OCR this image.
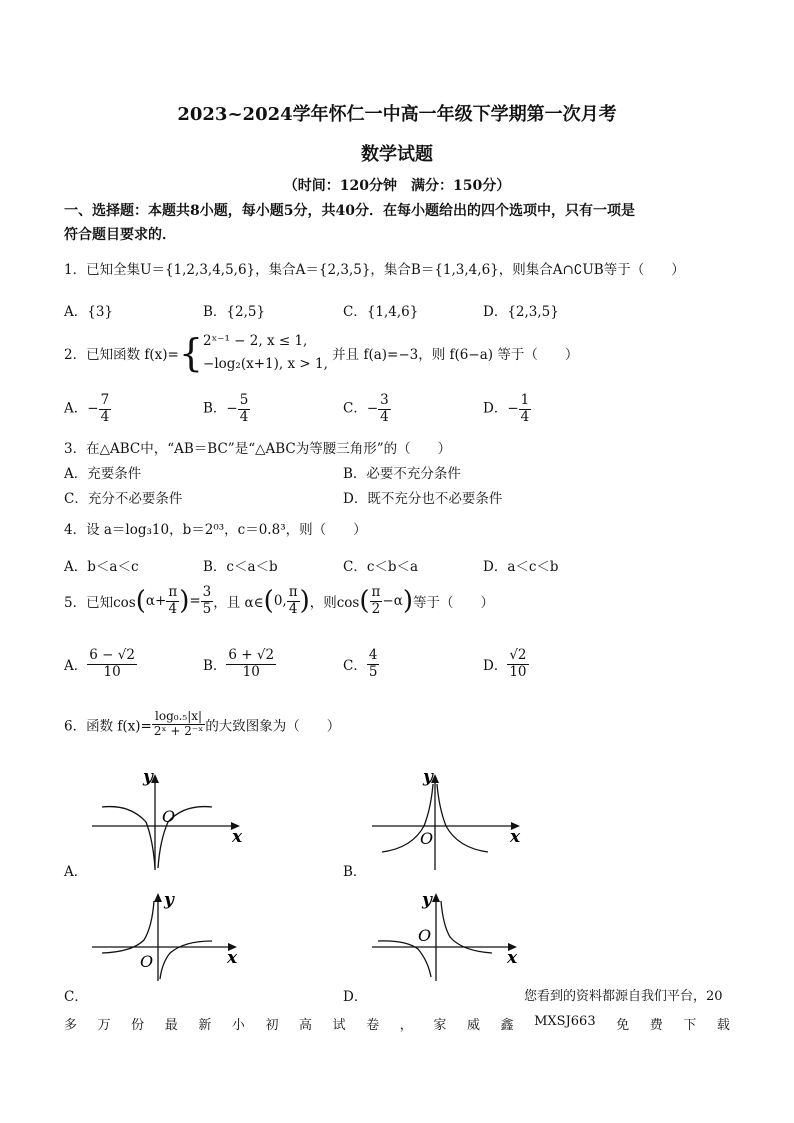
2023~2024学年怀仁一中高一年级下学期第一次月考
数学试题
（时间：120分钟　满分：150分）
一、选择题：本题共8小题，每小题5分，共40分．在每小题给出的四个选项中，只有一项是
符合题目要求的．
1．已知全集U＝{1,2,3,4,5,6}，集合A＝{2,3,5}，集合B＝{1,3,4,6}，则集合A∩∁UB等于（　　）
A．{3}	B．{2,5}	C．{1,4,6}	D．{2,3,5}
2．已知函数 f(x)={ 2ˣ⁻¹ − 2, x ≤ 1,
−log₂(x+1), x > 1,
并且 f(a)=−3，则 f(6−a) 等于（　　）
A．− $\frac{7}{4}$	B．− $\frac{5}{4}$	C．− $\frac{3}{4}$	D．− $\frac{1}{4}$
3．在△ABC中，“AB＝BC”是“△ABC为等腰三角形”的（　　）
A．充要条件	B．必要不充分条件
C．充分不必要条件	D．既不充分也不必要条件
4．设 a＝log₃10，b＝2⁰³，c＝0.8³，则（　　）
A．b＜a＜c	B．c＜a＜b	C．c＜b＜a	D．a＜c＜b
5．已知$\cos(\alpha+ \frac{\pi}{4}$ )= $\frac{3}{5}$ ，且 α∈(0, $\frac{\pi}{4}$ )，则$\cos( \frac{\pi}{2} -\alpha)$等于（　　）
A． $\frac{6 - √2}{10}$	B． $\frac{6 + √2}{10}$	C． $\frac{4}{5}$	D． $\frac{√2}{10}$
6．函数 $f(x)= \frac{\text{log₀.₅|x|}}{\text{2ˣ + 2⁻ˣ}}$ 的大致图象为（　　）
y
x
O
A．
y
x
O
B．
y
x
O
C．
y
x
O
D．	您看到的资料都源自我们平台，20
多 万 份 最 新 小 初 高 试 卷 ， 家 威 鑫 MXSJ663 免 费 下 载
